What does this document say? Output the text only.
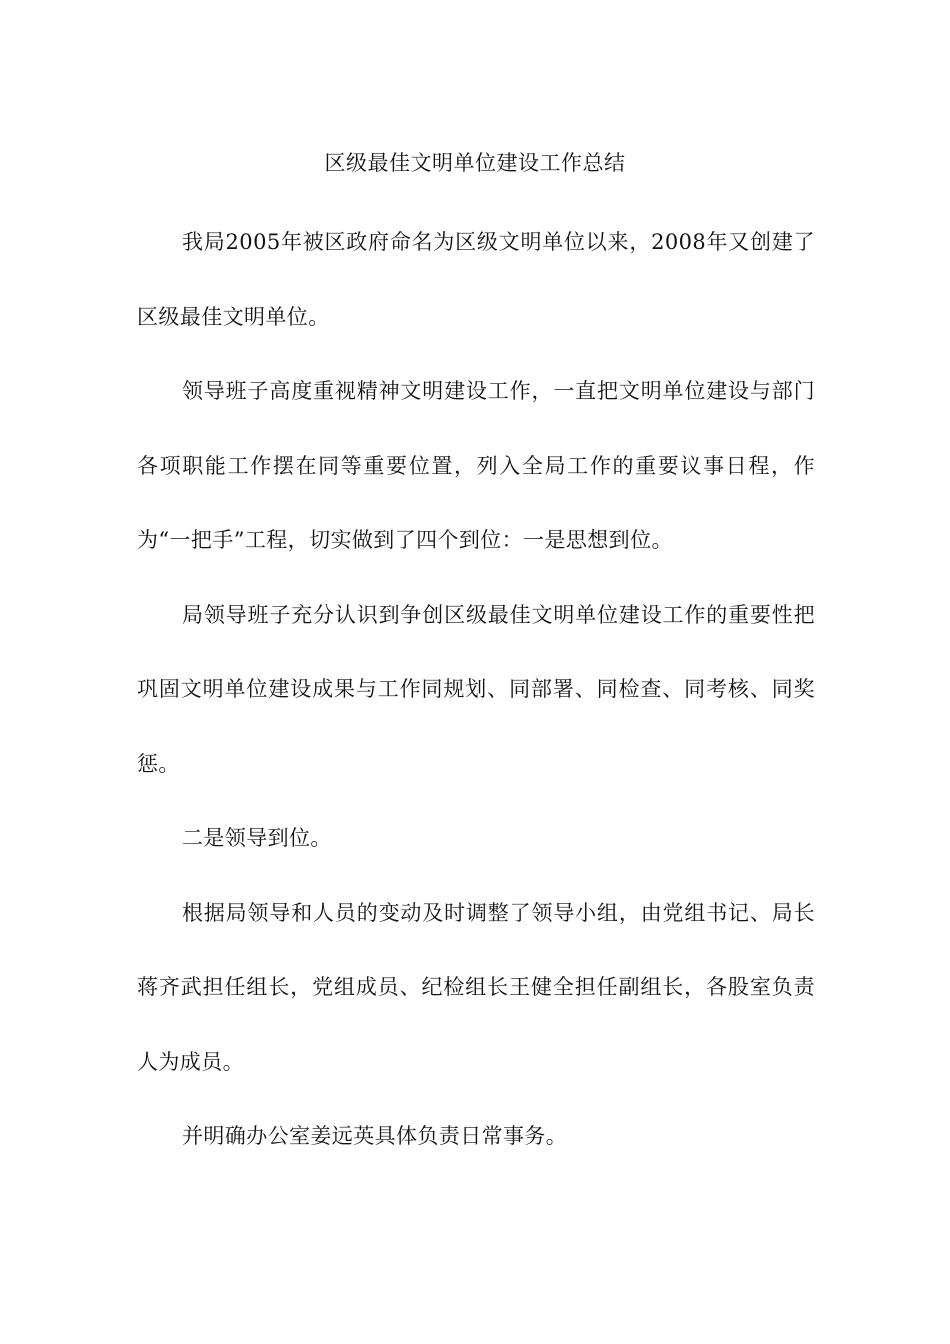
区级最佳文明单位建设工作总结

我局2005年被区政府命名为区级文明单位以来，2008年又创建了区级最佳文明单位。

领导班子高度重视精神文明建设工作，一直把文明单位建设与部门各项职能工作摆在同等重要位置，列入全局工作的重要议事日程，作为“一把手”工程，切实做到了四个到位：一是思想到位。

局领导班子充分认识到争创区级最佳文明单位建设工作的重要性把巩固文明单位建设成果与工作同规划、同部署、同检查、同考核、同奖惩。

二是领导到位。

根据局领导和人员的变动及时调整了领导小组，由党组书记、局长蒋齐武担任组长，党组成员、纪检组长王健全担任副组长，各股室负责人为成员。

并明确办公室姜远英具体负责日常事务。
